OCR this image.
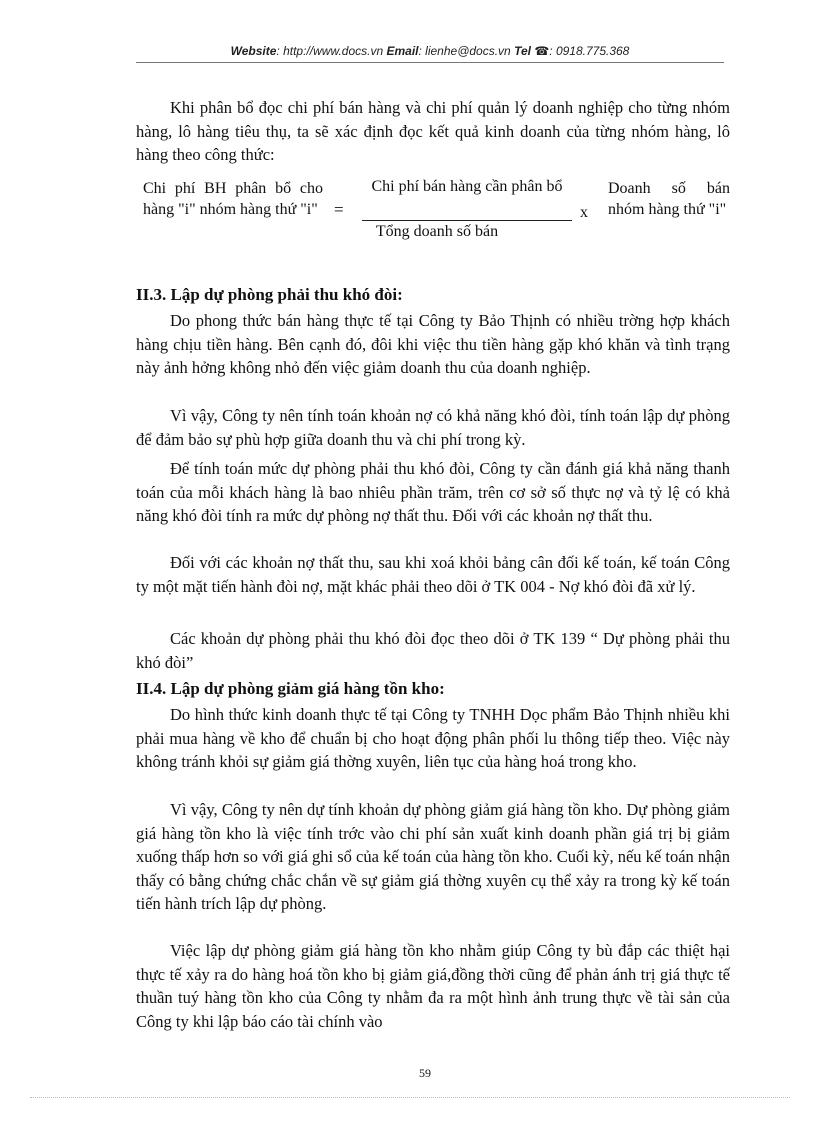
Website: http://www.docs.vn Email: lienhe@docs.vn Tel ☎: 0918.775.368

Khi phân bổ đọc chi phí bán hàng và chi phí quản lý doanh nghiệp cho từng nhóm hàng, lô hàng tiêu thụ, ta sẽ xác định đọc kết quả kinh doanh của từng nhóm hàng, lô hàng theo công thức:

Chi phí BH phân bổ cho hàng "i" nhóm hàng thứ "i" =
Chi phí bán hàng cần phân bổ
Tổng doanh số bán
x
Doanh số bán nhóm hàng thứ "i"
II.3. Lập dự phòng phải thu khó đòi:

Do phong thức bán hàng thực tế tại Công ty Bảo Thịnh có nhiều trờng hợp khách hàng chịu tiền hàng. Bên cạnh đó, đôi khi việc thu tiền hàng gặp khó khăn và tình trạng này ảnh hởng không nhỏ đến việc giảm doanh thu của doanh nghiệp.

Vì vậy, Công ty nên tính toán khoản nợ có khả năng khó đòi, tính toán lập dự phòng để đảm bảo sự phù hợp giữa doanh thu và chi phí trong kỳ.

Để tính toán mức dự phòng phải thu khó đòi, Công ty cần đánh giá khả năng thanh toán của mỗi khách hàng là bao nhiêu phần trăm, trên cơ sở số thực nợ và tỷ lệ có khả năng khó đòi tính ra mức dự phòng nợ thất thu. Đối với các khoản nợ thất thu.

Đối với các khoản nợ thất thu, sau khi xoá khỏi bảng cân đối kế toán, kế toán Công ty một mặt tiến hành đòi nợ, mặt khác phải theo dõi ở TK 004 - Nợ khó đòi đã xử lý.

Các khoản dự phòng phải thu khó đòi đọc theo dõi ở TK 139 “ Dự phòng phải thu khó đòi”

II.4. Lập dự phòng giảm giá hàng tồn kho:

Do hình thức kinh doanh thực tế tại Công ty TNHH Dọc phẩm Bảo Thịnh nhiều khi phải mua hàng về kho để chuẩn bị cho hoạt động phân phối lu thông tiếp theo. Việc này không tránh khỏi sự giảm giá thờng xuyên, liên tục của hàng hoá trong kho.

Vì vậy, Công ty nên dự tính khoản dự phòng giảm giá hàng tồn kho. Dự phòng giảm giá hàng tồn kho là việc tính trớc vào chi phí sản xuất kinh doanh phần giá trị bị giảm xuống thấp hơn so với giá ghi sổ của kế toán của hàng tồn kho. Cuối kỳ, nếu kế toán nhận thấy có bằng chứng chắc chắn về sự giảm giá thờng xuyên cụ thể xảy ra trong kỳ kế toán tiến hành trích lập dự phòng.

Việc lập dự phòng giảm giá hàng tồn kho nhằm giúp Công ty bù đắp các thiệt hại thực tế xảy ra do hàng hoá tồn kho bị giảm giá,đồng thời cũng để phản ánh trị giá thực tế thuần tuý hàng tồn kho của Công ty nhằm đa ra một hình ảnh trung thực về tài sản của Công ty khi lập báo cáo tài chính vào

59
